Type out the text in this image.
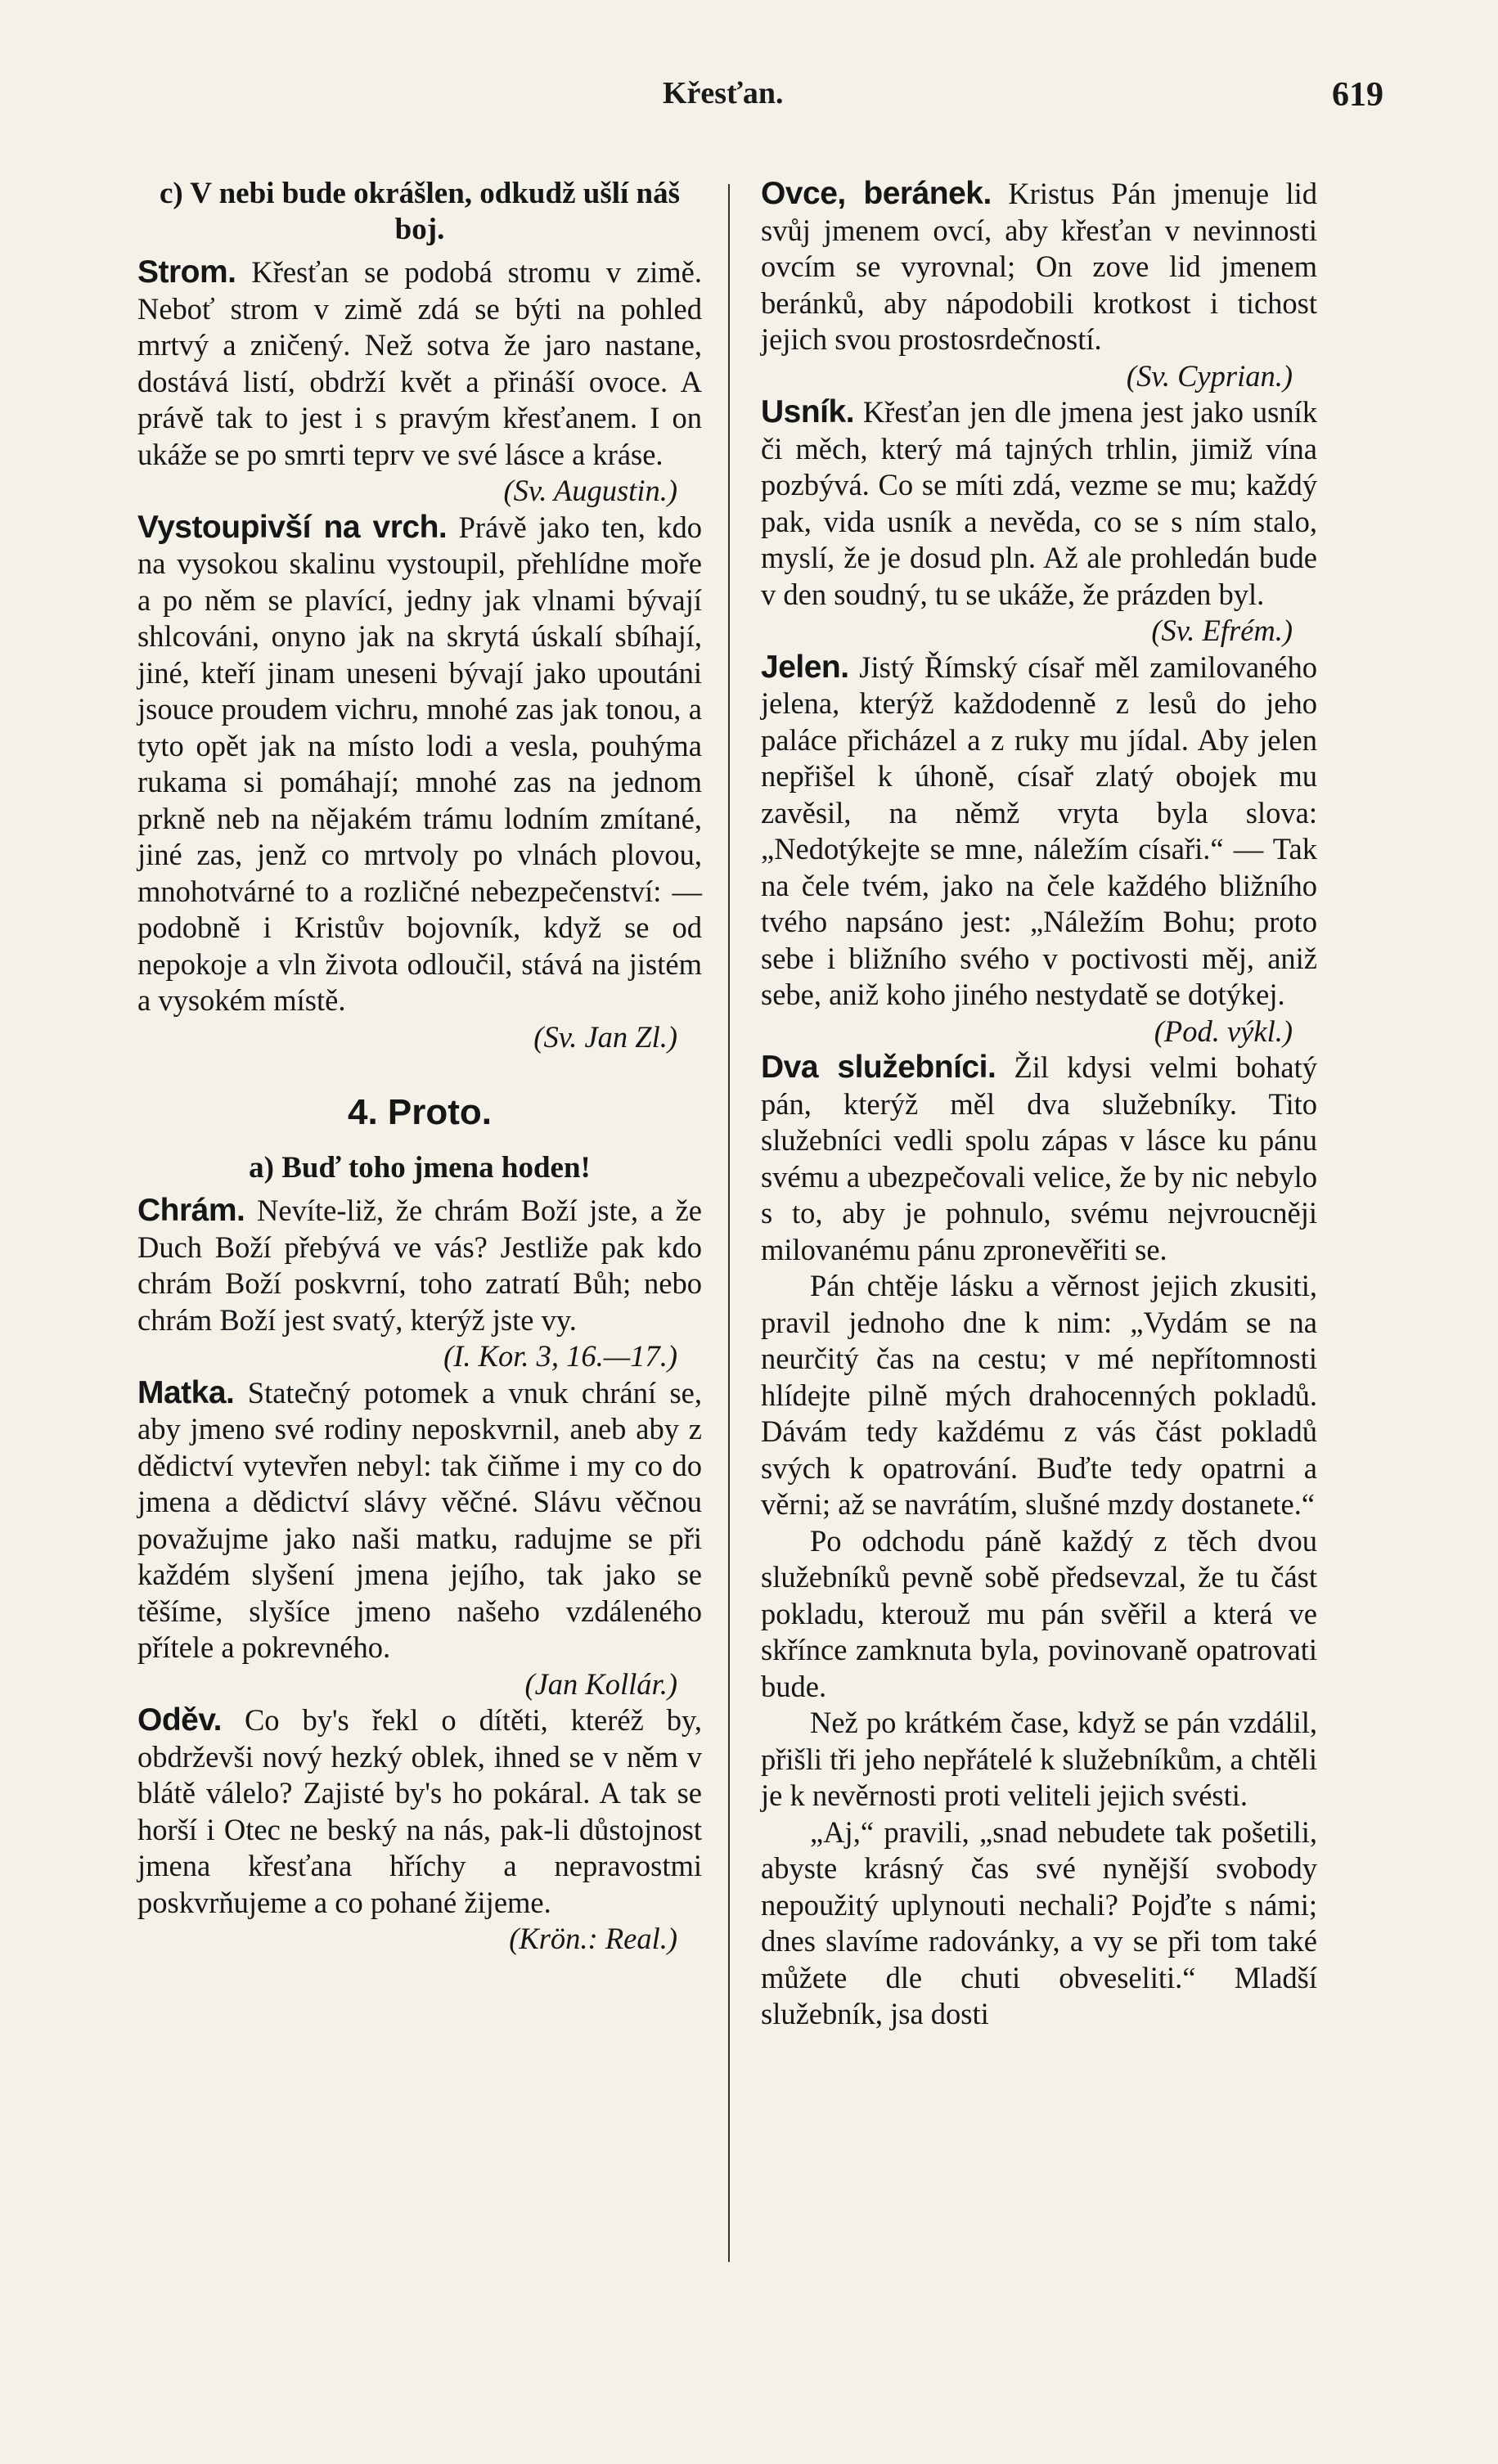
Křesťan.	619

c) V nebi bude okrášlen, odkudž ušlí náš boj.

Strom. Křesťan se podobá stromu v zimě. Neboť strom v zimě zdá se býti na pohled mrtvý a zničený. Než sotva že jaro nastane, dostává listí, obdrží květ a přináší ovoce. A právě tak to jest i s pravým křesťanem. I on ukáže se po smrti teprv ve své lásce a kráse.

(Sv. Augustin.)

Vystoupivší na vrch. Právě jako ten, kdo na vysokou skalinu vystoupil, přehlídne moře a po něm se plavící, jedny jak vlnami bývají shlcováni, onyno jak na skrytá úskalí sbíhají, jiné, kteří jinam uneseni bývají jako upoutáni jsouce proudem vichru, mnohé zas jak tonou, a tyto opět jak na místo lodi a vesla, pouhýma rukama si pomáhají; mnohé zas na jednom prkně neb na nějakém trámu lodním zmítané, jiné zas, jenž co mrtvoly po vlnách plovou, mnohotvárné to a rozličné nebezpečenství: — podobně i Kristův bojovník, když se od nepokoje a vln života odloučil, stává na jistém a vysokém místě.

(Sv. Jan Zl.)

4. Proto.

a) Buď toho jmena hoden!

Chrám. Nevíte-liž, že chrám Boží jste, a že Duch Boží přebývá ve vás? Jestliže pak kdo chrám Boží poskvrní, toho zatratí Bůh; nebo chrám Boží jest svatý, kterýž jste vy.

(I. Kor. 3, 16.—17.)

Matka. Statečný potomek a vnuk chrání se, aby jmeno své rodiny neposkvrnil, aneb aby z dědictví vytevřen nebyl: tak čiňme i my co do jmena a dědictví slávy věčné. Slávu věčnou považujme jako naši matku, radujme se při každém slyšení jmena jejího, tak jako se těšíme, slyšíce jmeno našeho vzdáleného přítele a pokrevného.

(Jan Kollár.)

Oděv. Co by's řekl o dítěti, kteréž by, obdrževši nový hezký oblek, ihned se v něm v blátě válelo? Zajisté by's ho pokáral. A tak se horší i Otec ne beský na nás, pak-li důstojnost jmena křesťana hříchy a nepravostmi poskvrňujeme a co pohané žijeme.

(Krön.: Real.)

Ovce, beránek. Kristus Pán jmenuje lid svůj jmenem ovcí, aby křesťan v nevinnosti ovcím se vyrovnal; On zove lid jmenem beránků, aby nápodobili krotkost i tichost jejich svou prostosrdečností.

(Sv. Cyprian.)

Usník. Křesťan jen dle jmena jest jako usník či měch, který má tajných trhlin, jimiž vína pozbývá. Co se míti zdá, vezme se mu; každý pak, vida usník a nevěda, co se s ním stalo, myslí, že je dosud pln. Až ale prohledán bude v den soudný, tu se ukáže, že prázden byl.

(Sv. Efrém.)

Jelen. Jistý Římský císař měl zamilovaného jelena, kterýž každodenně z lesů do jeho paláce přicházel a z ruky mu jídal. Aby jelen nepřišel k úhoně, císař zlatý obojek mu zavěsil, na němž vryta byla slova: „Nedotýkejte se mne, náležím císaři.“ — Tak na čele tvém, jako na čele každého bližního tvého napsáno jest: „Náležím Bohu; proto sebe i bližního svého v poctivosti měj, aniž sebe, aniž koho jiného nestydatě se dotýkej.

(Pod. výkl.)

Dva služebníci. Žil kdysi velmi bohatý pán, kterýž měl dva služebníky. Tito služebníci vedli spolu zápas v lásce ku pánu svému a ubezpečovali velice, že by nic nebylo s to, aby je pohnulo, svému nejvroucněji milovanému pánu zpronevěřiti se.

Pán chtěje lásku a věrnost jejich zkusiti, pravil jednoho dne k nim: „Vydám se na neurčitý čas na cestu; v mé nepřítomnosti hlídejte pilně mých drahocenných pokladů. Dávám tedy každému z vás část pokladů svých k opatrování. Buďte tedy opatrni a věrni; až se navrátím, slušné mzdy dostanete.“

Po odchodu páně každý z těch dvou služebníků pevně sobě předsevzal, že tu část pokladu, kterouž mu pán svěřil a která ve skřínce zamknuta byla, povinovaně opatrovati bude.

Než po krátkém čase, když se pán vzdálil, přišli tři jeho nepřátelé k služebníkům, a chtěli je k nevěrnosti proti veliteli jejich svésti.

„Aj,“ pravili, „snad nebudete tak pošetili, abyste krásný čas své nynější svobody nepoužitý uplynouti nechali? Pojďte s námi; dnes slavíme radovánky, a vy se při tom také můžete dle chuti obveseliti.“ Mladší služebník, jsa dosti
